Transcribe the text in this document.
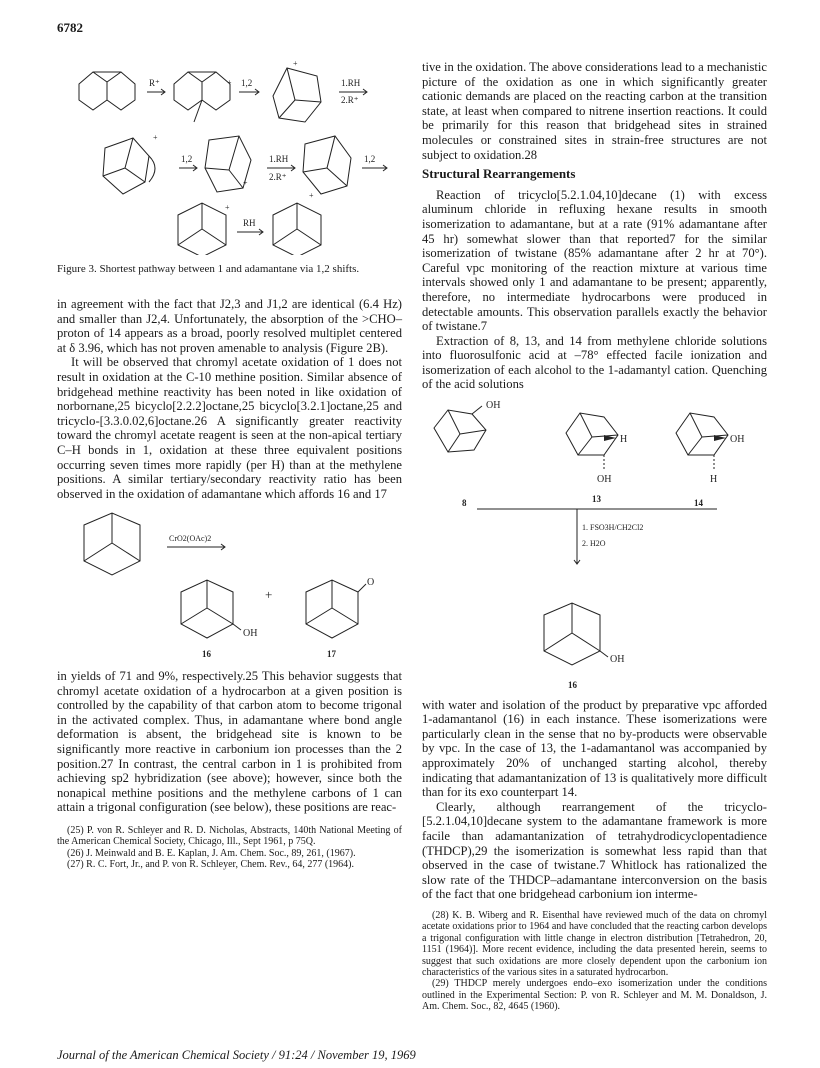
6782
R⁺	1,2	1.RH
2.R⁺
1,2	1.RH
2.R⁺
1,2
RH
+
+
+
+
+
+
Figure 3. Shortest pathway between 1 and adamantane via 1,2 shifts.

in agreement with the fact that J2,3 and J1,2 are identical (6.4 Hz) and smaller than J2,4. Unfortunately, the absorption of the >CHO– proton of 14 appears as a broad, poorly resolved multiplet centered at δ 3.96, which has not proven amenable to analysis (Figure 2B).

It will be observed that chromyl acetate oxidation of 1 does not result in oxidation at the C-10 methine position. Similar absence of bridgehead methine reactivity has been noted in like oxidation of norbornane,25 bicyclo[2.2.2]octane,25 bicyclo[3.2.1]octane,25 and tricyclo-[3.3.0.02,6]octane.26 A significantly greater reactivity toward the chromyl acetate reagent is seen at the non-apical tertiary C–H bonds in 1, oxidation at these three equivalent positions occurring seven times more rapidly (per H) than at the methylene positions. A similar tertiary/secondary reactivity ratio has been observed in the oxidation of adamantane which affords 16 and 17

CrO2(OAc)2
+
OH
O
16	17

in yields of 71 and 9%, respectively.25 This behavior suggests that chromyl acetate oxidation of a hydrocarbon at a given position is controlled by the capability of that carbon atom to become trigonal in the activated complex. Thus, in adamantane where bond angle deformation is absent, the bridgehead site is known to be significantly more reactive in carbonium ion processes than the 2 position.27 In contrast, the central carbon in 1 is prohibited from achieving sp2 hybridization (see above); however, since both the nonapical methine positions and the methylene carbons of 1 can attain a trigonal configuration (see below), these positions are reac-

(25) P. von R. Schleyer and R. D. Nicholas, Abstracts, 140th National Meeting of the American Chemical Society, Chicago, Ill., Sept 1961, p 75Q.

(26) J. Meinwald and B. E. Kaplan, J. Am. Chem. Soc., 89, 261, (1967).

(27) R. C. Fort, Jr., and P. von R. Schleyer, Chem. Rev., 64, 277 (1964).

tive in the oxidation. The above considerations lead to a mechanistic picture of the oxidation as one in which significantly greater cationic demands are placed on the reacting carbon at the transition state, at least when compared to nitrene insertion reactions. It could be primarily for this reason that bridgehead sites in strained molecules or constrained sites in strain-free structures are not subject to oxidation.28

Structural Rearrangements

Reaction of tricyclo[5.2.1.04,10]decane (1) with excess aluminum chloride in refluxing hexane results in smooth isomerization to adamantane, but at a rate (91% adamantane after 45 hr) somewhat slower than that reported7 for the similar isomerization of twistane (85% adamantane after 2 hr at 70°). Careful vpc monitoring of the reaction mixture at various time intervals showed only 1 and adamantane to be present; apparently, therefore, no intermediate hydrocarbons were produced in detectable amounts. This observation parallels exactly the behavior of twistane.7

Extraction of 8, 13, and 14 from methylene chloride solutions into fluorosulfonic acid at –78° effected facile ionization and isomerization of each alcohol to the 1-adamantyl cation. Quenching of the acid solutions

OH
H
OH
OH
H
8	13	14
1. FSO3H/CH2Cl2
2. H2O
OH
16

with water and isolation of the product by preparative vpc afforded 1-adamantanol (16) in each instance. These isomerizations were particularly clean in the sense that no by-products were observable by vpc. In the case of 13, the 1-adamantanol was accompanied by approximately 20% of unchanged starting alcohol, thereby indicating that adamantanization of 13 is qualitatively more difficult than for its exo counterpart 14.

Clearly, although rearrangement of the tricyclo-[5.2.1.04,10]decane system to the adamantane framework is more facile than adamantanization of tetrahydrodicyclopentadience (THDCP),29 the isomerization is somewhat less rapid than that observed in the case of twistane.7 Whitlock has rationalized the slow rate of the THDCP–adamantane interconversion on the basis of the fact that one bridgehead carbonium ion interme-

(28) K. B. Wiberg and R. Eisenthal have reviewed much of the data on chromyl acetate oxidations prior to 1964 and have concluded that the reacting carbon develops a trigonal configuration with little change in electron distribution [Tetrahedron, 20, 1151 (1964)]. More recent evidence, including the data presented herein, seems to suggest that such oxidations are more closely dependent upon the carbonium ion characteristics of the various sites in a saturated hydrocarbon.

(29) THDCP merely undergoes endo–exo isomerization under the conditions outlined in the Experimental Section: P. von R. Schleyer and M. M. Donaldson, J. Am. Chem. Soc., 82, 4645 (1960).

Journal of the American Chemical Society / 91:24 / November 19, 1969
